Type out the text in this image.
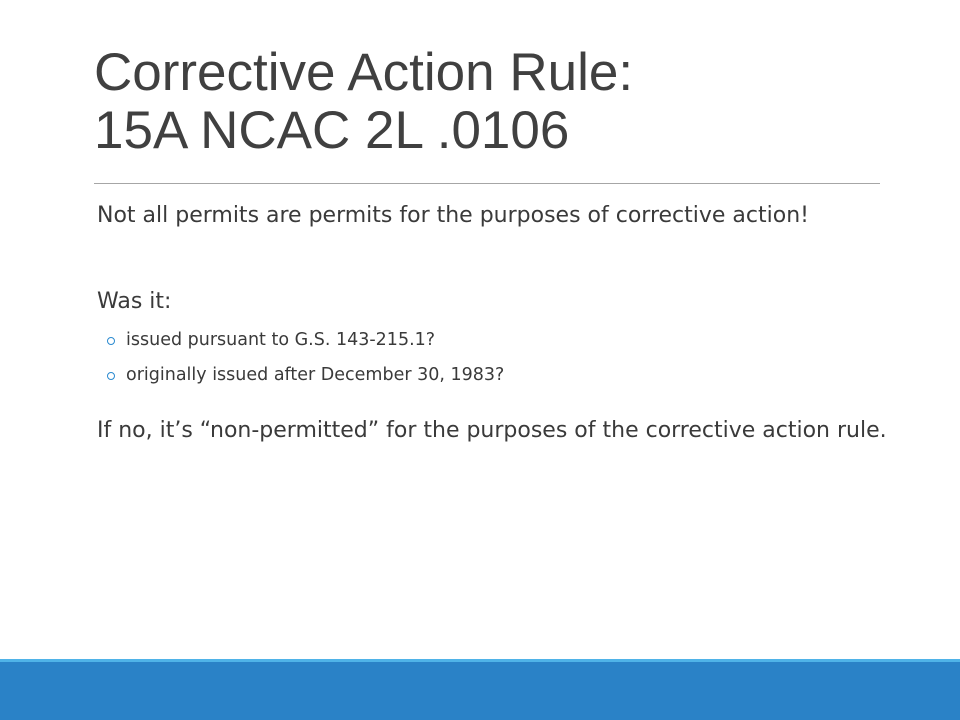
Corrective Action Rule:
15A NCAC 2L .0106

Not all permits are permits for the purposes of corrective action!

Was it:

issued pursuant to G.S. 143-215.1?
originally issued after December 30, 1983?

If no, it’s “non-permitted” for the purposes of the corrective action rule.
